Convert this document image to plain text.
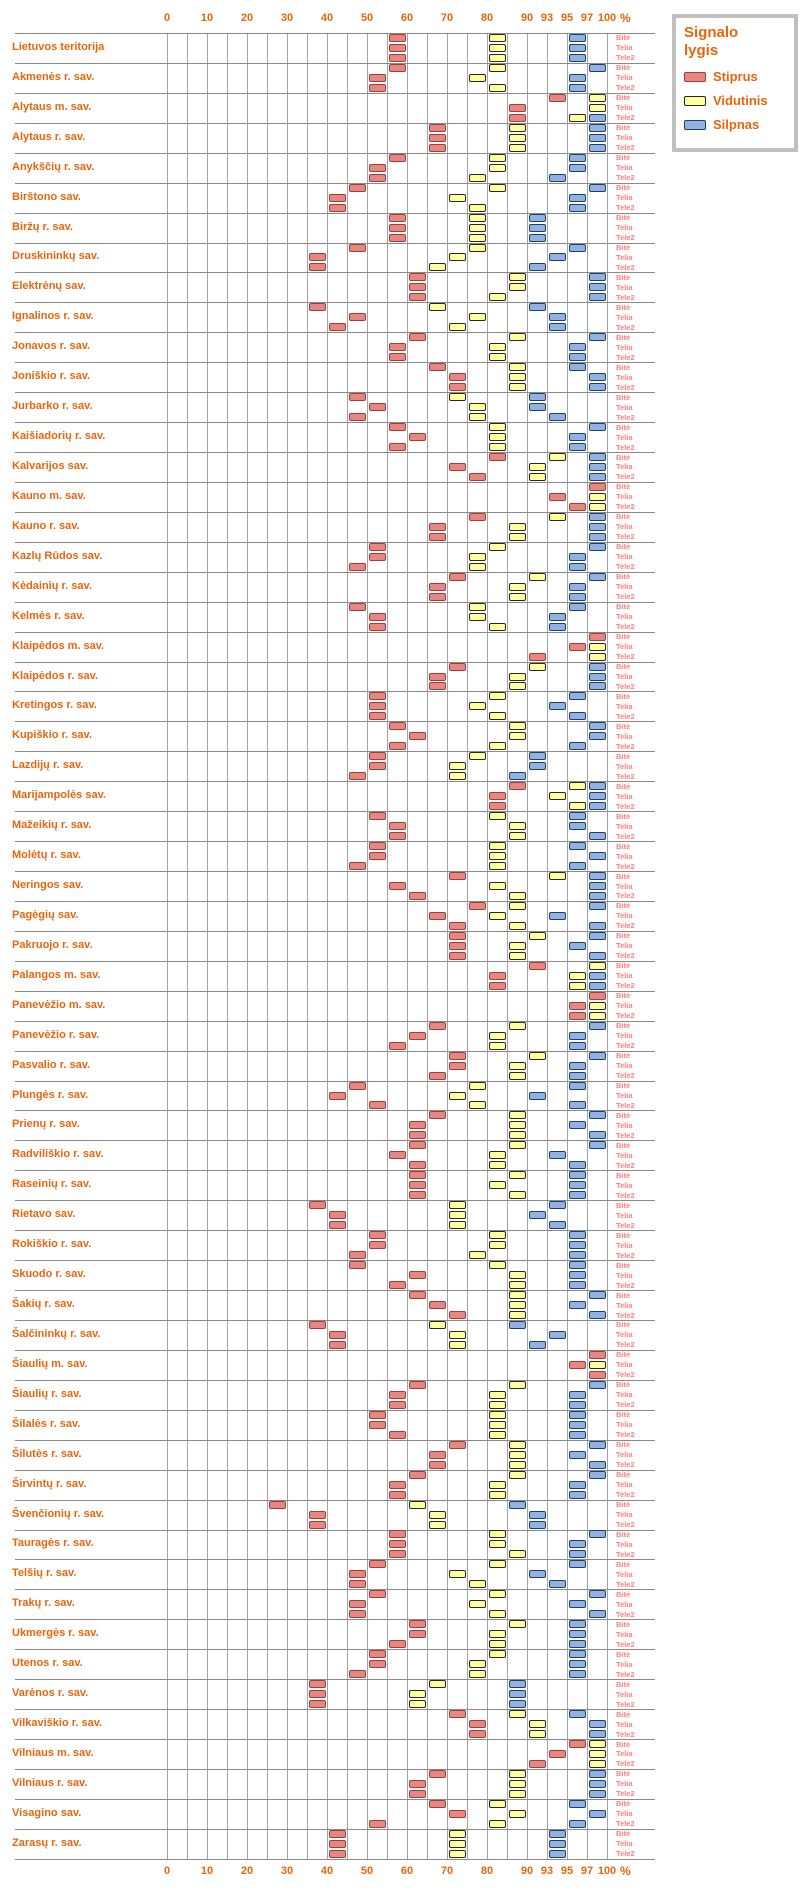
0	10	20	30	40	50	60	70	80	90 93 95 97 100 %
Lietuvos teritorija
Bitė
Telia
Tele2
Akmenės r. sav.
Bitė
Telia
Tele2
Alytaus m. sav.
Bitė
Telia
Tele2
Alytaus r. sav.
Bitė
Telia
Tele2
Anykščių r. sav.
Bitė
Telia
Tele2
Birštono sav.
Bitė
Telia
Tele2
Biržų r. sav.
Bitė
Telia
Tele2
Druskininkų sav.
Bitė
Telia
Tele2
Elektrėnų sav.
Bitė
Telia
Tele2
Ignalinos r. sav.
Bitė
Telia
Tele2
Jonavos r. sav.
Bitė
Telia
Tele2
Joniškio r. sav.
Bitė
Telia
Tele2
Jurbarko r. sav.
Bitė
Telia
Tele2
Kaišiadorių r. sav.
Bitė
Telia
Tele2
Kalvarijos sav.
Bitė
Telia
Tele2
Kauno m. sav.
Bitė
Telia
Tele2
Kauno r. sav.
Bitė
Telia
Tele2
Kazlų Rūdos sav.
Bitė
Telia
Tele2
Kėdainių r. sav.
Bitė
Telia
Tele2
Kelmės r. sav.
Bitė
Telia
Tele2
Klaipėdos m. sav.
Bitė
Telia
Tele2
Klaipėdos r. sav.
Bitė
Telia
Tele2
Kretingos r. sav.
Bitė
Telia
Tele2
Kupiškio r. sav.
Bitė
Telia
Tele2
Lazdijų r. sav.
Bitė
Telia
Tele2
Marijampolės sav.
Bitė
Telia
Tele2
Mažeikių r. sav.
Bitė
Telia
Tele2
Molėtų r. sav.
Bitė
Telia
Tele2
Neringos sav.
Bitė
Telia
Tele2
Pagėgių sav.
Bitė
Telia
Tele2
Pakruojo r. sav.
Bitė
Telia
Tele2
Palangos m. sav.
Bitė
Telia
Tele2
Panevėžio m. sav.
Bitė
Telia
Tele2
Panevėžio r. sav.
Bitė
Telia
Tele2
Pasvalio r. sav.
Bitė
Telia
Tele2
Plungės r. sav.
Bitė
Telia
Tele2
Prienų r. sav.
Bitė
Telia
Tele2
Radviliškio r. sav.
Bitė
Telia
Tele2
Raseinių r. sav.
Bitė
Telia
Tele2
Rietavo sav.
Bitė
Telia
Tele2
Rokiškio r. sav.
Bitė
Telia
Tele2
Skuodo r. sav.
Bitė
Telia
Tele2
Šakių r. sav.
Bitė
Telia
Tele2
Šalčininkų r. sav.
Bitė
Telia
Tele2
Šiaulių m. sav.
Bitė
Telia
Tele2
Šiaulių r. sav.
Bitė
Telia
Tele2
Šilalės r. sav.
Bitė
Telia
Tele2
Šilutės r. sav.
Bitė
Telia
Tele2
Širvintų r. sav.
Bitė
Telia
Tele2
Švenčionių r. sav.
Bitė
Telia
Tele2
Tauragės r. sav.
Bitė
Telia
Tele2
Telšių r. sav.
Bitė
Telia
Tele2
Trakų r. sav.
Bitė
Telia
Tele2
Ukmergės r. sav.
Bitė
Telia
Tele2
Utenos r. sav.
Bitė
Telia
Tele2
Varėnos r. sav.
Bitė
Telia
Tele2
Vilkaviškio r. sav.
Bitė
Telia
Tele2
Vilniaus m. sav.
Bitė
Telia
Tele2
Vilniaus r. sav.
Bitė
Telia
Tele2
Visagino sav.
Bitė
Telia
Tele2
Zarasų r. sav.
Bitė
Telia
Tele2
0	10	20	30	40	50	60	70	80	90 93 95 97 100 %
Signalo
lygis
Stiprus
Vidutinis
Silpnas
